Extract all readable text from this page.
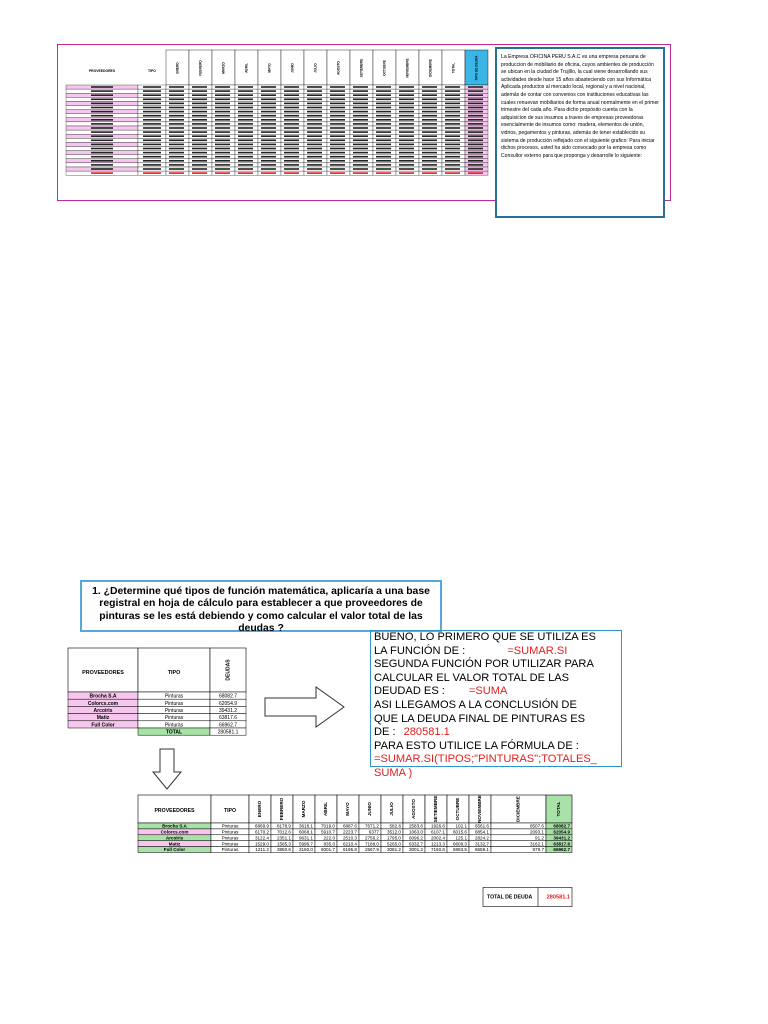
PROVEEDORES	TIPO	ENERO	FEBRERO	MARZO	ABRIL	MAYO	JUNIO	JULIO	AGOSTO	SETIEMBRE	OCTUBRE	NOVIEMBRE	DICIEMBRE	TOTAL	TIPO DE DEUDA	La Empresa OFICINA PERU S.A.C es una empresa peruana de produccion de mobiliario de oficina, cuyos ambientes de producción se ubican en la ciudad de Trujillo, la cual viene desarrollando sus actividades desde hace 15 años abasteciendo con sus Informática Aplicada productos al mercado local, regional y a nivel nacional, además de contar con convenios con instituciones educativas las cuales renuevan mobiliarios de forma anual normalmente en el primer trimestre del cada año. Para dicho propósito cuenta con la adquisicion de sus insumos a traves de empresas proveedoras esencialmente de insumos como: madera, elementos de unión, vidrios, pegamentos y pinturas, además de tener establecido su sistema de producción reflejado con el siguiente grafico: Para iniciar dichos procesos, usted ha sido convocado por la empresa como Consultor externo para que proponga y desarrolle lo siguiente:
1. ¿Determine qué tipos de función matemática, aplicaría a una base registral en hoja de cálculo para establecer a que proveedores de pinturas se les está debiendo y como calcular el valor total de las deudas ?
BUENO, LO PRIMERO QUE SE UTILIZA ES
LA FUNCIÓN DE :	=SUMAR.SI
SEGUNDA FUNCIÓN POR UTILIZAR PARA
CALCULAR EL VALOR TOTAL DE LAS
DEUDAD ES : =SUMA
ASI LLEGAMOS A LA CONCLUSIÓN DE
QUE LA DEUDA FINAL DE PINTURAS ES
DE : 280581.1
PARA ESTO UTILICE LA FÓRMULA DE :
=SUMAR.SI(TIPOS;"PINTURAS";TOTALES_
SUMA )
PROVEEDORES	TIPO	DEUDAS
Brocha S.A	Pinturas	68082.7
Colorcs.com	Pinturas	62054.9
Arcoiris	Pinturas	39431.2
Matiz	Pinturas	63817.6
Full Color	Pinturas	66962.7
TOTAL	280581.1
PROVEEDORES	TIPO	ENERO	FEBRERO	MARZO	ABRIL	MAYO	JUNIO	JULIO	AGOSTO	SETIEMBRE	OCTUBRE	NOVIEMBRE	DICIEMBRE	TOTAL
Brocha S.A	Pinturas	6869.9 8178.9 3618.1 7019.0 6887.6 7671.2 582.6 2583.6 1926.6 102.1 6561.6	8507.6 68082.7
Colorcs.com	Pinturas	6170.2 7012.6 6068.1 5910.7 2223.7	6377 3512.0 1063.0 6107.1 6015.6 8854.1	2093.1 62054.9
Arcoiris	Pinturas	3122.4 2351.1 9631.1 222.0 2510.3 2756.2 1795.0 6096.2 2002.4 125.1 2824.2	91.2 39431.2
Matiz	Pinturas	1529.0 1585.3 5996.7 835.0 6210.4 7188.0 5265.0 6332.7 1213.3 6609.3 3132.7	3162.1 63817.6
Full Color	Pinturas	1211.2 3850.6 2160.0 6001.7 6195.8 2567.9 3081.2 3001.2 7160.6 6883.5 8659.1	978.7 66962.7
TOTAL DE DEUDA	280581.1
